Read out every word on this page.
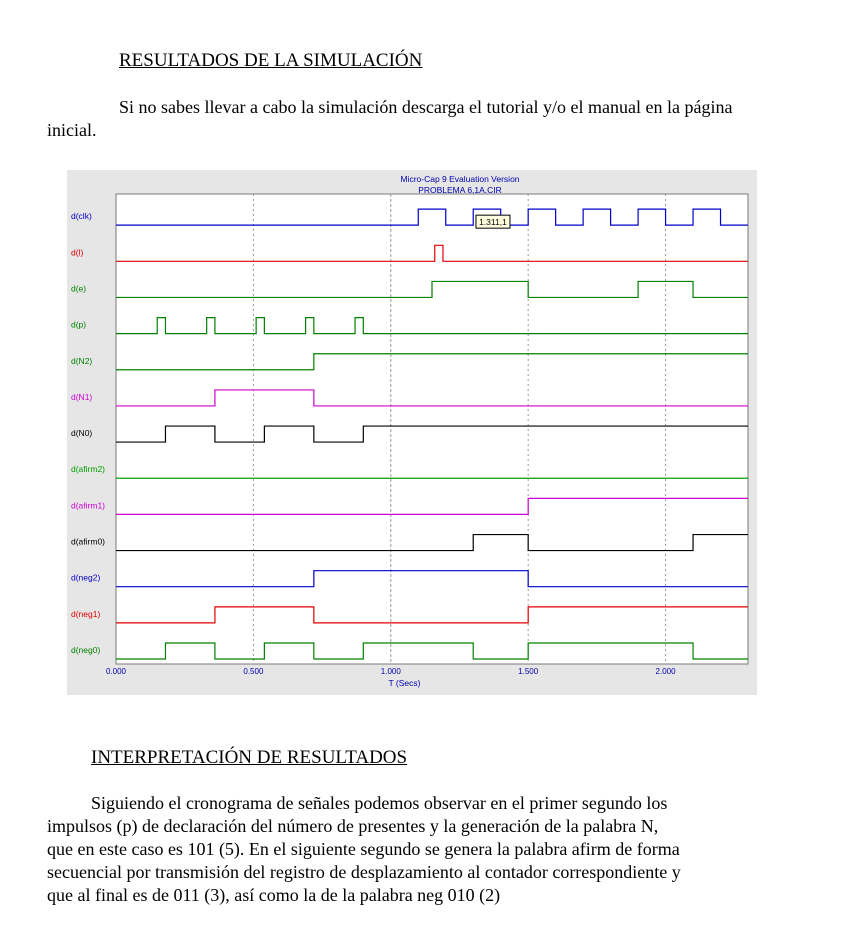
RESULTADOS DE LA SIMULACIÓN

Si no sabes llevar a cabo la simulación descarga el tutorial y/o el manual en la página inicial.

Micro-Cap 9 Evaluation Version
PROBLEMA 6,1A.CIR
d(clk)
d(l)
d(e)
d(p)
d(N2)
d(N1)
d(N0)
d(afirm2)
d(afirm1)
d(afirm0)
d(neg2)
d(neg1)
d(neg0)
1.311,1
0.000	0.500	1.000	1.500	2.000
T (Secs)
INTERPRETACIÓN DE RESULTADOS

Siguiendo el cronograma de señales podemos observar en el primer segundo los

impulsos (p) de declaración del número de presentes y la generación de la palabra N,

que en este caso es 101 (5). En el siguiente segundo se genera la palabra afirm de forma

secuencial por transmisión del registro de desplazamiento al contador correspondiente y

que al final es de 011 (3), así como la de la palabra neg 010 (2)
